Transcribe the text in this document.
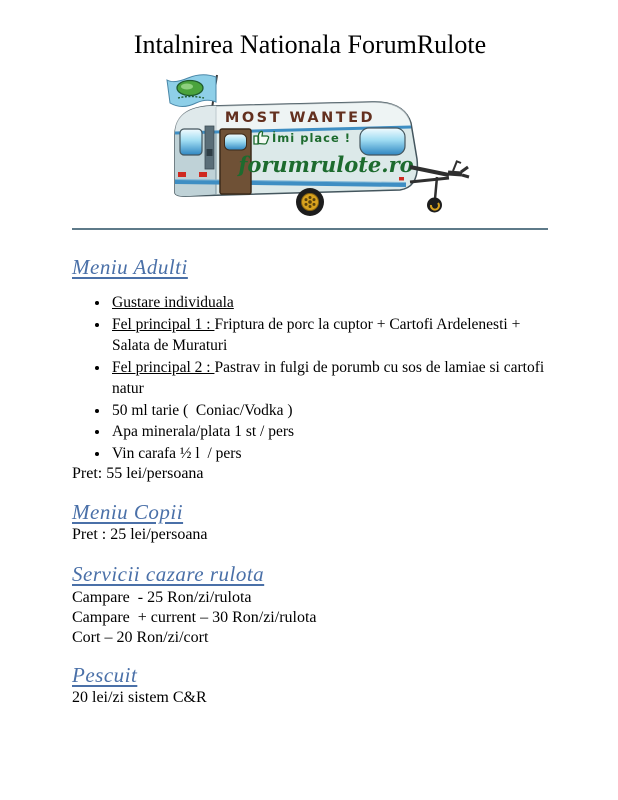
Intalnirea Nationala ForumRulote
MOST WANTED
İmi place !
forumrulote.ro
Meniu Adulti
• Gustare individuala
• Fel principal 1 : Friptura de porc la cuptor + Cartofi Ardelenesti + Salata de Muraturi
• Fel principal 2 : Pastrav in fulgi de porumb cu sos de lamiae si cartofi natur
• 50 ml tarie (  Coniac/Vodka )
• Apa minerala/plata 1 st / pers
• Vin carafa ½ l  / pers

Pret: 55 lei/persoana

Meniu Copii

Pret : 25 lei/persoana

Servicii cazare rulota

Campare  - 25 Ron/zi/rulota

Campare  + current – 30 Ron/zi/rulota

Cort – 20 Ron/zi/cort

Pescuit

20 lei/zi sistem C&R
